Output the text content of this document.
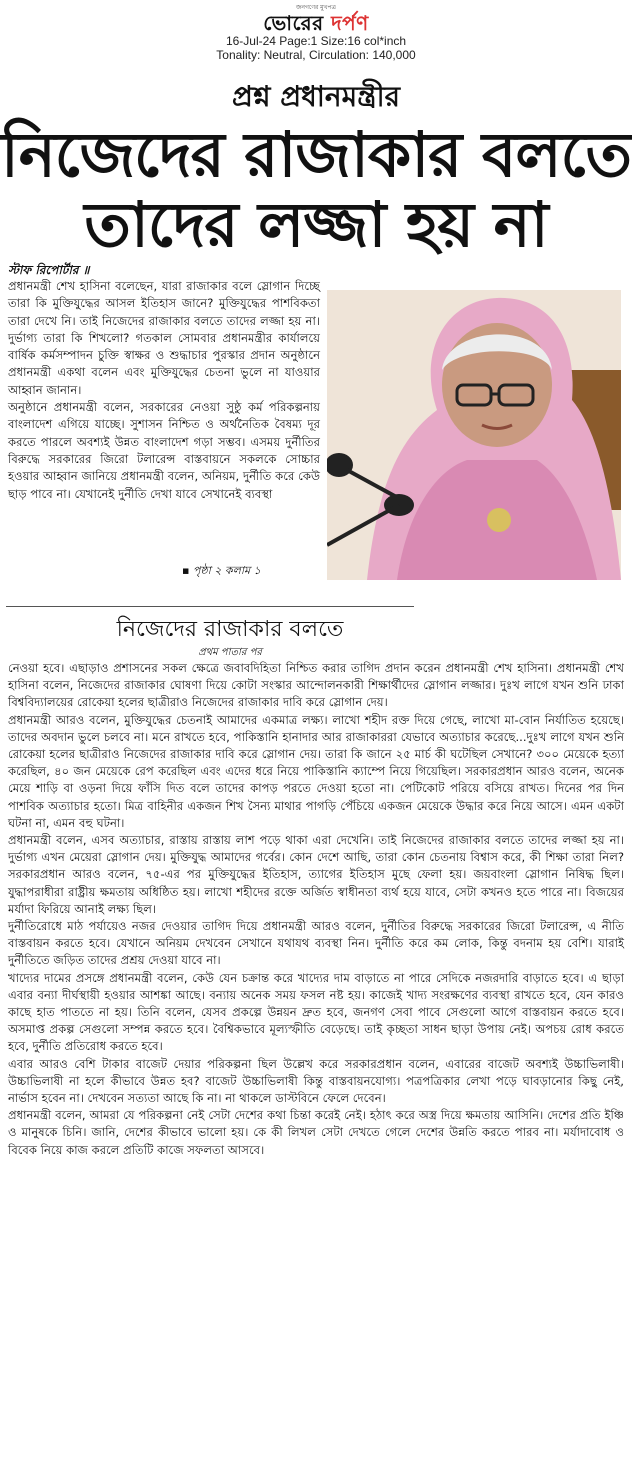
জনগণের মুখপত্র
ভোরের দর্পণ
16-Jul-24 Page:1 Size:16 col*inch
Tonality: Neutral, Circulation: 140,000
প্রশ্ন প্রধানমন্ত্রীর
নিজেদের রাজাকার বলতে
তাদের লজ্জা হয় না
স্টাফ রিপোর্টার ॥

প্রধানমন্ত্রী শেখ হাসিনা বলেছেন, যারা রাজাকার বলে স্লোগান দিচ্ছে তারা কি মুক্তিযুদ্ধের আসল ইতিহাস জানে? মুক্তিযুদ্ধের পাশবিকতা তারা দেখে নি। তাই নিজেদের রাজাকার বলতে তাদের লজ্জা হয় না। দুর্ভাগ্য তারা কি শিখলো? গতকাল সোমবার প্রধানমন্ত্রীর কার্যালয়ে বার্ষিক কর্মসম্পাদন চুক্তি স্বাক্ষর ও শুদ্ধাচার পুরস্কার প্রদান অনুষ্ঠানে প্রধানমন্ত্রী একথা বলেন এবং মুক্তিযুদ্ধের চেতনা ভুলে না যাওয়ার আহ্বান জানান।

অনুষ্ঠানে প্রধানমন্ত্রী বলেন, সরকারের নেওয়া সুষ্ঠু কর্ম পরিকল্পনায় বাংলাদেশ এগিয়ে যাচ্ছে। সুশাসন নিশ্চিত ও অর্থনৈতিক বৈষম্য দূর করতে পারলে অবশ্যই উন্নত বাংলাদেশ গড়া সম্ভব। এসময় দুর্নীতির বিরুদ্ধে সরকারের জিরো টলারেন্স বাস্তবায়নে সকলকে সোচ্চার হওয়ার আহ্বান জানিয়ে প্রধানমন্ত্রী বলেন, অনিয়ম, দুর্নীতি করে কেউ ছাড় পাবে না। যেখানেই দুর্নীতি দেখা যাবে সেখানেই ব্যবস্থা

▪ পৃষ্ঠা ২ কলাম ১
নিজেদের রাজাকার বলতে
প্রথম পাতার পর

নেওয়া হবে। এছাড়াও প্রশাসনের সকল ক্ষেত্রে জবাবদিহিতা নিশ্চিত করার তাগিদ প্রদান করেন প্রধানমন্ত্রী শেখ হাসিনা। প্রধানমন্ত্রী শেখ হাসিনা বলেন, নিজেদের রাজাকার ঘোষণা দিয়ে কোটা সংস্কার আন্দোলনকারী শিক্ষার্থীদের স্লোগান লজ্জার। দুঃখ লাগে যখন শুনি ঢাকা বিশ্ববিদ্যালয়ের রোকেয়া হলের ছাত্রীরাও নিজেদের রাজাকার দাবি করে স্লোগান দেয়।

প্রধানমন্ত্রী আরও বলেন, মুক্তিযুদ্ধের চেতনাই আমাদের একমাত্র লক্ষ্য। লাখো শহীদ রক্ত দিয়ে গেছে, লাখো মা-বোন নির্যাতিত হয়েছে। তাদের অবদান ভুলে চলবে না। মনে রাখতে হবে, পাকিস্তানি হানাদার আর রাজাকাররা যেভাবে অত্যাচার করেছে...দুঃখ লাগে যখন শুনি রোকেয়া হলের ছাত্রীরাও নিজেদের রাজাকার দাবি করে স্লোগান দেয়। তারা কি জানে ২৫ মার্চ কী ঘটেছিল সেখানে? ৩০০ মেয়েকে হত্যা করেছিল, ৪০ জন মেয়েকে রেপ করেছিল এবং এদের ধরে নিয়ে পাকিস্তানি ক্যাম্পে নিয়ে গিয়েছিল। সরকারপ্রধান আরও বলেন, অনেক মেয়ে শাড়ি বা ওড়না দিয়ে ফাঁসি দিত বলে তাদের কাপড় পরতে দেওয়া হতো না। পেটিকোট পরিয়ে বসিয়ে রাখত। দিনের পর দিন পাশবিক অত্যাচার হতো। মিত্র বাহিনীর একজন শিখ সৈন্য মাথার পাগড়ি পেঁচিয়ে একজন মেয়েকে উদ্ধার করে নিয়ে আসে। এমন একটা ঘটনা না, এমন বহু ঘটনা।

প্রধানমন্ত্রী বলেন, এসব অত্যাচার, রাস্তায় রাস্তায় লাশ পড়ে থাকা এরা দেখেনি। তাই নিজেদের রাজাকার বলতে তাদের লজ্জা হয় না। দুর্ভাগ্য এখন মেয়েরা স্লোগান দেয়। মুক্তিযুদ্ধ আমাদের গর্বের। কোন দেশে আছি, তারা কোন চেতনায় বিশ্বাস করে, কী শিক্ষা তারা নিল? সরকারপ্রধান আরও বলেন, ৭৫-এর পর মুক্তিযুদ্ধের ইতিহাস, ত্যাগের ইতিহাস মুছে ফেলা হয়। জয়বাংলা স্লোগান নিষিদ্ধ ছিল। যুদ্ধাপরাধীরা রাষ্ট্রীয় ক্ষমতায় অধিষ্ঠিত হয়। লাখো শহীদের রক্তে অর্জিত স্বাধীনতা ব্যর্থ হয়ে যাবে, সেটা কখনও হতে পারে না। বিজয়ের মর্যাদা ফিরিয়ে আনাই লক্ষ্য ছিল।

দুর্নীতিরোধে মাঠ পর্যায়েও নজর দেওয়ার তাগিদ দিয়ে প্রধানমন্ত্রী আরও বলেন, দুর্নীতির বিরুদ্ধে সরকারের জিরো টলারেন্স, এ নীতি বাস্তবায়ন করতে হবে। যেখানে অনিয়ম দেখবেন সেখানে যথাযথ ব্যবস্থা নিন। দুর্নীতি করে কম লোক, কিন্তু বদনাম হয় বেশি। যারাই দুর্নীতিতে জড়িত তাদের প্রশ্রয় দেওয়া যাবে না।

খাদ্যের দামের প্রসঙ্গে প্রধানমন্ত্রী বলেন, কেউ যেন চক্রান্ত করে খাদ্যের দাম বাড়াতে না পারে সেদিকে নজরদারি বাড়াতে হবে। এ ছাড়া এবার বন্যা দীর্ঘস্থায়ী হওয়ার আশঙ্কা আছে। বন্যায় অনেক সময় ফসল নষ্ট হয়। কাজেই খাদ্য সংরক্ষণের ব্যবস্থা রাখতে হবে, যেন কারও কাছে হাত পাততে না হয়। তিনি বলেন, যেসব প্রকল্পে উন্নয়ন দ্রুত হবে, জনগণ সেবা পাবে সেগুলো আগে বাস্তবায়ন করতে হবে। অসমাপ্ত প্রকল্প সেগুলো সম্পন্ন করতে হবে। বৈশ্বিকভাবে মূল্যস্ফীতি বেড়েছে। তাই কৃচ্ছতা সাধন ছাড়া উপায় নেই। অপচয় রোধ করতে হবে, দুর্নীতি প্রতিরোধ করতে হবে।

এবার আরও বেশি টাকার বাজেট দেয়ার পরিকল্পনা ছিল উল্লেখ করে সরকারপ্রধান বলেন, এবারের বাজেট অবশ্যই উচ্চাভিলাষী। উচ্চাভিলাষী না হলে কীভাবে উন্নত হব? বাজেট উচ্চাভিলাষী কিন্তু বাস্তবায়নযোগ্য। পত্রপত্রিকার লেখা পড়ে ঘাবড়ানোর কিছু নেই, নার্ভাস হবেন না। দেখবেন সত্যতা আছে কি না। না থাকলে ডাস্টবিনে ফেলে দেবেন।

প্রধানমন্ত্রী বলেন, আমরা যে পরিকল্পনা নেই সেটা দেশের কথা চিন্তা করেই নেই। হঠাৎ করে অস্ত্র দিয়ে ক্ষমতায় আসিনি। দেশের প্রতি ইঞ্চি ও মানুষকে চিনি। জানি, দেশের কীভাবে ভালো হয়। কে কী লিখল সেটা দেখতে গেলে দেশের উন্নতি করতে পারব না। মর্যাদাবোধ ও বিবেক নিয়ে কাজ করলে প্রতিটি কাজে সফলতা আসবে।
